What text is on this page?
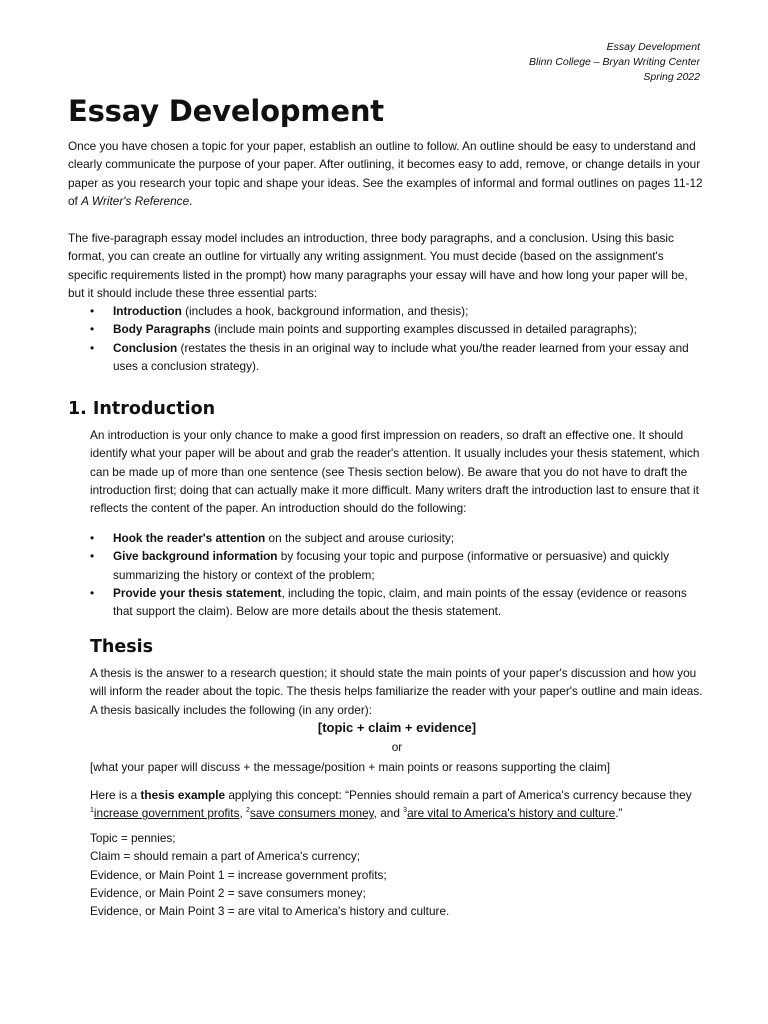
Essay Development
Blinn College – Bryan Writing Center
Spring 2022
Essay Development

Once you have chosen a topic for your paper, establish an outline to follow. An outline should be easy to understand and clearly communicate the purpose of your paper. After outlining, it becomes easy to add, remove, or change details in your paper as you research your topic and shape your ideas. See the examples of informal and formal outlines on pages 11-12 of A Writer's Reference.

The five-paragraph essay model includes an introduction, three body paragraphs, and a conclusion. Using this basic format, you can create an outline for virtually any writing assignment. You must decide (based on the assignment's specific requirements listed in the prompt) how many paragraphs your essay will have and how long your paper will be, but it should include these three essential parts:

• Introduction (includes a hook, background information, and thesis);
• Body Paragraphs (include main points and supporting examples discussed in detailed paragraphs);
• Conclusion (restates the thesis in an original way to include what you/the reader learned from your essay and uses a conclusion strategy).
1. Introduction

An introduction is your only chance to make a good first impression on readers, so draft an effective one. It should identify what your paper will be about and grab the reader's attention. It usually includes your thesis statement, which can be made up of more than one sentence (see Thesis section below). Be aware that you do not have to draft the introduction first; doing that can actually make it more difficult. Many writers draft the introduction last to ensure that it reflects the content of the paper. An introduction should do the following:

• Hook the reader's attention on the subject and arouse curiosity;
• Give background information by focusing your topic and purpose (informative or persuasive) and quickly summarizing the history or context of the problem;
• Provide your thesis statement, including the topic, claim, and main points of the essay (evidence or reasons that support the claim). Below are more details about the thesis statement.
Thesis

A thesis is the answer to a research question; it should state the main points of your paper's discussion and how you will inform the reader about the topic. The thesis helps familiarize the reader with your paper's outline and main ideas. A thesis basically includes the following (in any order):

[topic + claim + evidence]

or

[what your paper will discuss + the message/position + main points or reasons supporting the claim]

Here is a thesis example applying this concept: “Pennies should remain a part of America's currency because they $^1$increase government profits, $^2$save consumers money, and $^3$are vital to America's history and culture.”

Topic = pennies;
Claim = should remain a part of America's currency;
Evidence, or Main Point 1 = increase government profits;
Evidence, or Main Point 2 = save consumers money;
Evidence, or Main Point 3 = are vital to America's history and culture.
